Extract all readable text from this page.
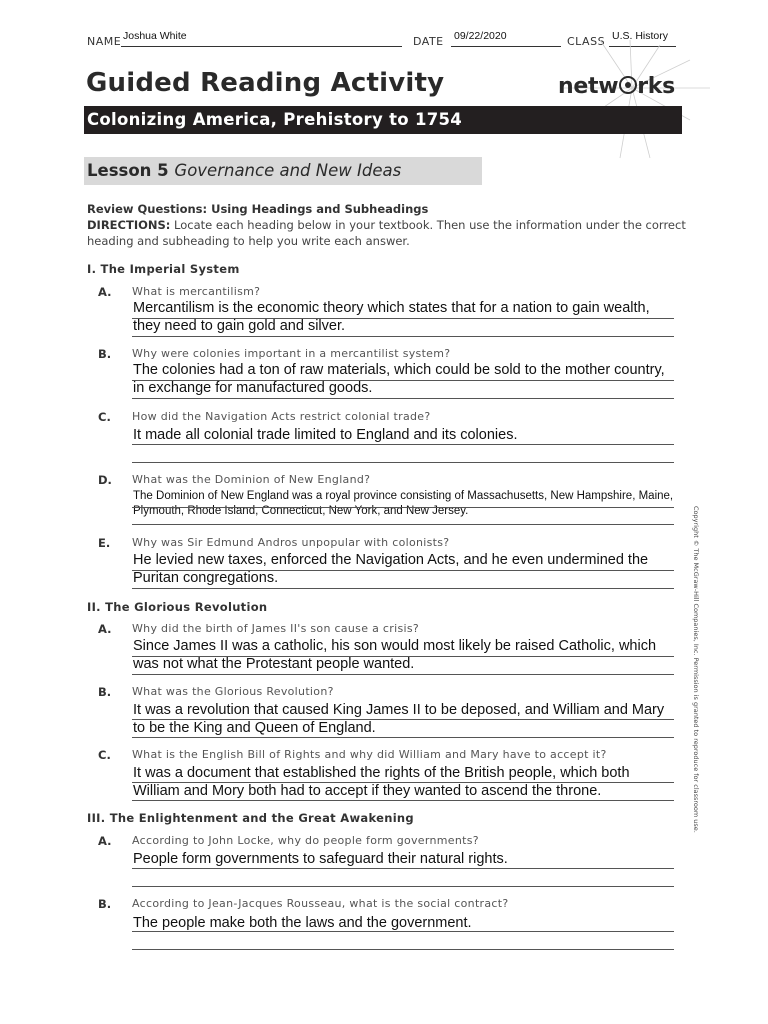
NAME Joshua White	DATE 09/22/2020	CLASS U.S. History
Guided Reading Activity	netw rks
Colonizing America, Prehistory to 1754
Lesson 5 Governance and New Ideas
Review Questions: Using Headings and Subheadings
DIRECTIONS: Locate each heading below in your textbook. Then use the information under the correct heading and subheading to help you write each answer.
I. The Imperial System
A. What is mercantilism?
Mercantilism is the economic theory which states that for a nation to gain wealth, they need to gain gold and silver.
B. Why were colonies important in a mercantilist system?
The colonies had a ton of raw materials, which could be sold to the mother country, in exchange for manufactured goods.
C. How did the Navigation Acts restrict colonial trade?
It made all colonial trade limited to England and its colonies.
D. What was the Dominion of New England?
The Dominion of New England was a royal province consisting of Massachusetts, New Hampshire, Maine, Plymouth, Rhode Island, Connecticut, New York, and New Jersey.
E. Why was Sir Edmund Andros unpopular with colonists?
He levied new taxes, enforced the Navigation Acts, and he even undermined the Puritan congregations.
II. The Glorious Revolution
A. Why did the birth of James II's son cause a crisis?
Since James II was a catholic, his son would most likely be raised Catholic, which was not what the Protestant people wanted.
B. What was the Glorious Revolution?
It was a revolution that caused King James II to be deposed, and William and Mary to be the King and Queen of England.
C. What is the English Bill of Rights and why did William and Mary have to accept it?
It was a document that established the rights of the British people, which both William and Mory both had to accept if they wanted to ascend the throne.
III. The Enlightenment and the Great Awakening
A. According to John Locke, why do people form governments?
People form governments to safeguard their natural rights.
B. According to Jean-Jacques Rousseau, what is the social contract?
The people make both the laws and the government.
Copyright © The McGraw-Hill Companies, Inc. Permission is granted to reproduce for classroom use.
